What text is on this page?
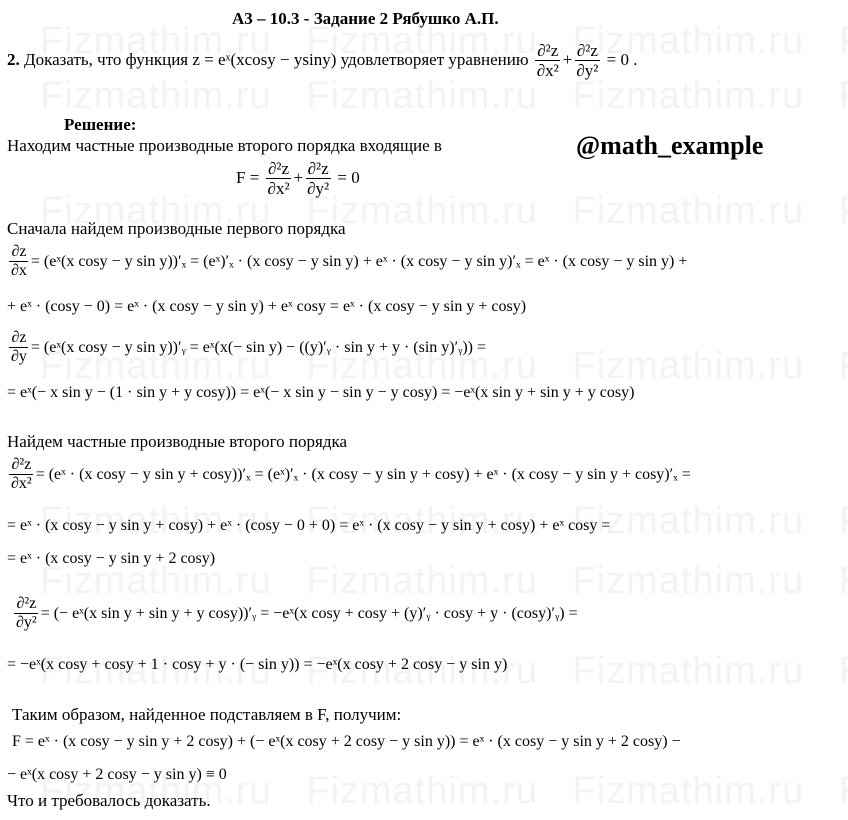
А3 – 10.3 - Задание 2 Рябушко А.П.
2. Доказать, что функция z = eˣ(xcosy − ysiny) удовлетворяет уравнению $\frac{\text{∂²z}}{\text{∂x²}} + \frac{\text{∂²z}}{\text{∂y²}} = 0$ .
Решение:
Находим частные производные второго порядка входящие в	@math_example
$F = \frac{\text{∂²z}}{\text{∂x²}} + \frac{\text{∂²z}}{\text{∂y²}} = 0$
Сначала найдем производные первого порядка
$\frac{\partial z}{\partial x}$ = (eˣ(x cosy − y sin y))′ₓ = (eˣ)′ₓ · (x cosy − y sin y) + eˣ · (x cosy − y sin y)′ₓ = eˣ · (x cosy − y sin y) +
+ eˣ · (cosy − 0) = eˣ · (x cosy − y sin y) + eˣ cosy = eˣ · (x cosy − y sin y + cosy)
$\frac{\partial z}{\partial y}$ = (eˣ(x cosy − y sin y))′ᵧ = eˣ(x(− sin y) − ((y)′ᵧ · sin y + y · (sin y)′ᵧ)) =
= eˣ(− x sin y − (1 · sin y + y cosy)) = eˣ(− x sin y − sin y − y cosy) = −eˣ(x sin y + sin y + y cosy)
Найдем частные производные второго порядка
$\frac{\text{∂²z}}{\text{∂x²}}$ = (eˣ · (x cosy − y sin y + cosy))′ₓ = (eˣ)′ₓ · (x cosy − y sin y + cosy) + eˣ · (x cosy − y sin y + cosy)′ₓ =
= eˣ · (x cosy − y sin y + cosy) + eˣ · (cosy − 0 + 0) = eˣ · (x cosy − y sin y + cosy) + eˣ cosy =
= eˣ · (x cosy − y sin y + 2 cosy)
$\frac{\text{∂²z}}{\text{∂y²}}$ = (− eˣ(x sin y + sin y + y cosy))′ᵧ = −eˣ(x cosy + cosy + (y)′ᵧ · cosy + y · (cosy)′ᵧ) =
= −eˣ(x cosy + cosy + 1 · cosy + y · (− sin y)) = −eˣ(x cosy + 2 cosy − y sin y)
Таким образом, найденное подставляем в F, получим:
F = eˣ · (x cosy − y sin y + 2 cosy) + (− eˣ(x cosy + 2 cosy − y sin y)) = eˣ · (x cosy − y sin y + 2 cosy) −
− eˣ(x cosy + 2 cosy − y sin y) ≡ 0
Что и требовалось доказать.
